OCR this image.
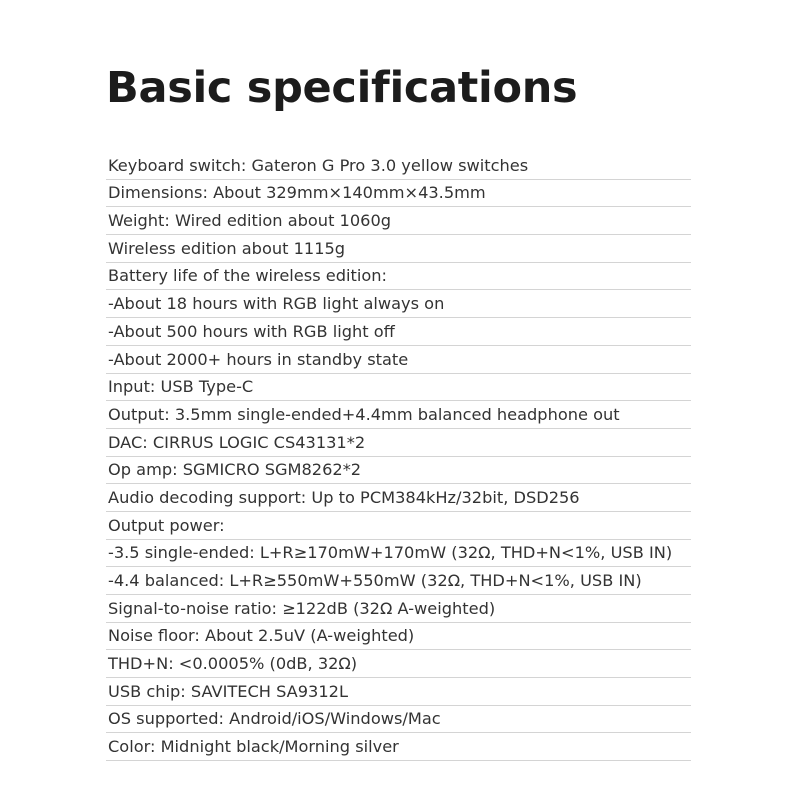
Basic specifications
Keyboard switch: Gateron G Pro 3.0 yellow switches
Dimensions: About 329mm×140mm×43.5mm
Weight: Wired edition about 1060g
Wireless edition about 1115g
Battery life of the wireless edition:
-About 18 hours with RGB light always on
-About 500 hours with RGB light off
-About 2000+ hours in standby state
Input: USB Type-C
Output: 3.5mm single-ended+4.4mm balanced headphone out
DAC: CIRRUS LOGIC CS43131*2
Op amp: SGMICRO SGM8262*2
Audio decoding support: Up to PCM384kHz/32bit, DSD256
Output power:
-3.5 single-ended: L+R≥170mW+170mW (32Ω, THD+N<1%, USB IN)
-4.4 balanced: L+R≥550mW+550mW (32Ω, THD+N<1%, USB IN)
Signal-to-noise ratio: ≥122dB (32Ω A-weighted)
Noise floor: About 2.5uV (A-weighted)
THD+N: <0.0005% (0dB, 32Ω)
USB chip: SAVITECH SA9312L
OS supported: Android/iOS/Windows/Mac
Color: Midnight black/Morning silver
